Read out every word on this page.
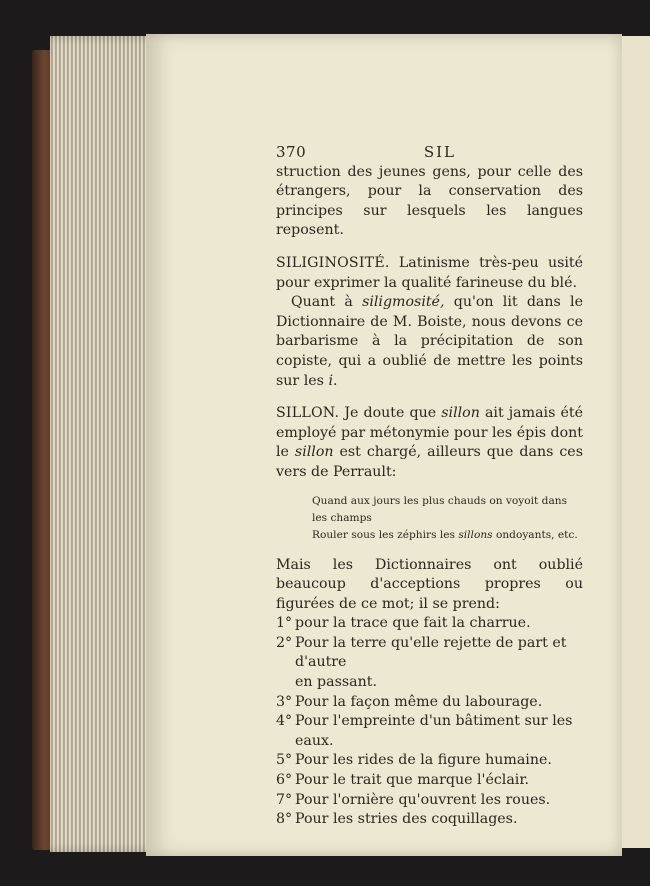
370	SIL

struction des jeunes gens, pour celle des étrangers, pour la conservation des principes sur lesquels les langues reposent.

SILIGINOSITÉ. Latinisme très-peu usité pour exprimer la qualité farineuse du blé.

Quant à siligmosité, qu'on lit dans le Dictionnaire de M. Boiste, nous devons ce barbarisme à la précipitation de son copiste, qui a oublié de mettre les points sur les i.

SILLON. Je doute que sillon ait jamais été employé par métonymie pour les épis dont le sillon est chargé, ailleurs que dans ces vers de Perrault:

Quand aux jours les plus chauds on voyoit dans les champs
Rouler sous les zéphirs les sillons ondoyants, etc.

Mais les Dictionnaires ont oublié beaucoup d'acceptions propres ou figurées de ce mot; il se prend:

1° pour la trace que fait la charrue.
2° Pour la terre qu'elle rejette de part et d'autre
en passant.
3° Pour la façon même du labourage.
4° Pour l'empreinte d'un bâtiment sur les eaux.
5° Pour les rides de la figure humaine.
6° Pour le trait que marque l'éclair.
7° Pour l'ornière qu'ouvrent les roues.
8° Pour les stries des coquillages.
